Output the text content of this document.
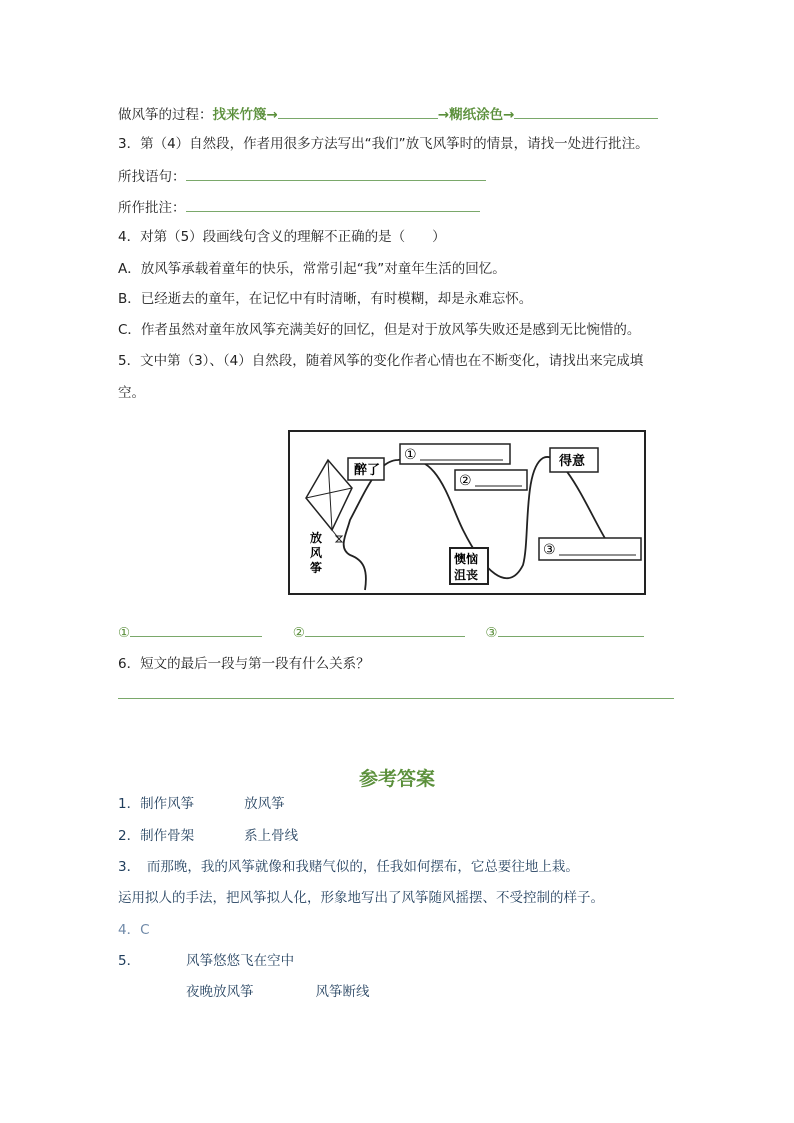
做风筝的过程：找来竹篾→	→糊纸涂色→
3．第（4）自然段，作者用很多方法写出“我们”放飞风筝时的情景，请找一处进行批注。
所找语句：
所作批注：
4．对第（5）段画线句含义的理解不正确的是（　　）
A．放风筝承载着童年的快乐，常常引起“我”对童年生活的回忆。
B．已经逝去的童年，在记忆中有时清晰，有时模糊，却是永难忘怀。
C．作者虽然对童年放风筝充满美好的回忆，但是对于放风筝失败还是感到无比惋惜的。
5．文中第（3）、（4）自然段，随着风筝的变化作者心情也在不断变化，请找出来完成填
空。
醉了
①
②
得意
③
懊恼
沮丧
放
风
筝
①	②	③
6．短文的最后一段与第一段有什么关系？
参考答案
1．制作风筝	放风筝
2．制作骨架	系上骨线
3．　而那晚，我的风筝就像和我赌气似的，任我如何摆布，它总要往地上栽。
运用拟人的手法，把风筝拟人化，形象地写出了风筝随风摇摆、不受控制的样子。
4．C
5．	风筝悠悠飞在空中
夜晚放风筝	风筝断线
